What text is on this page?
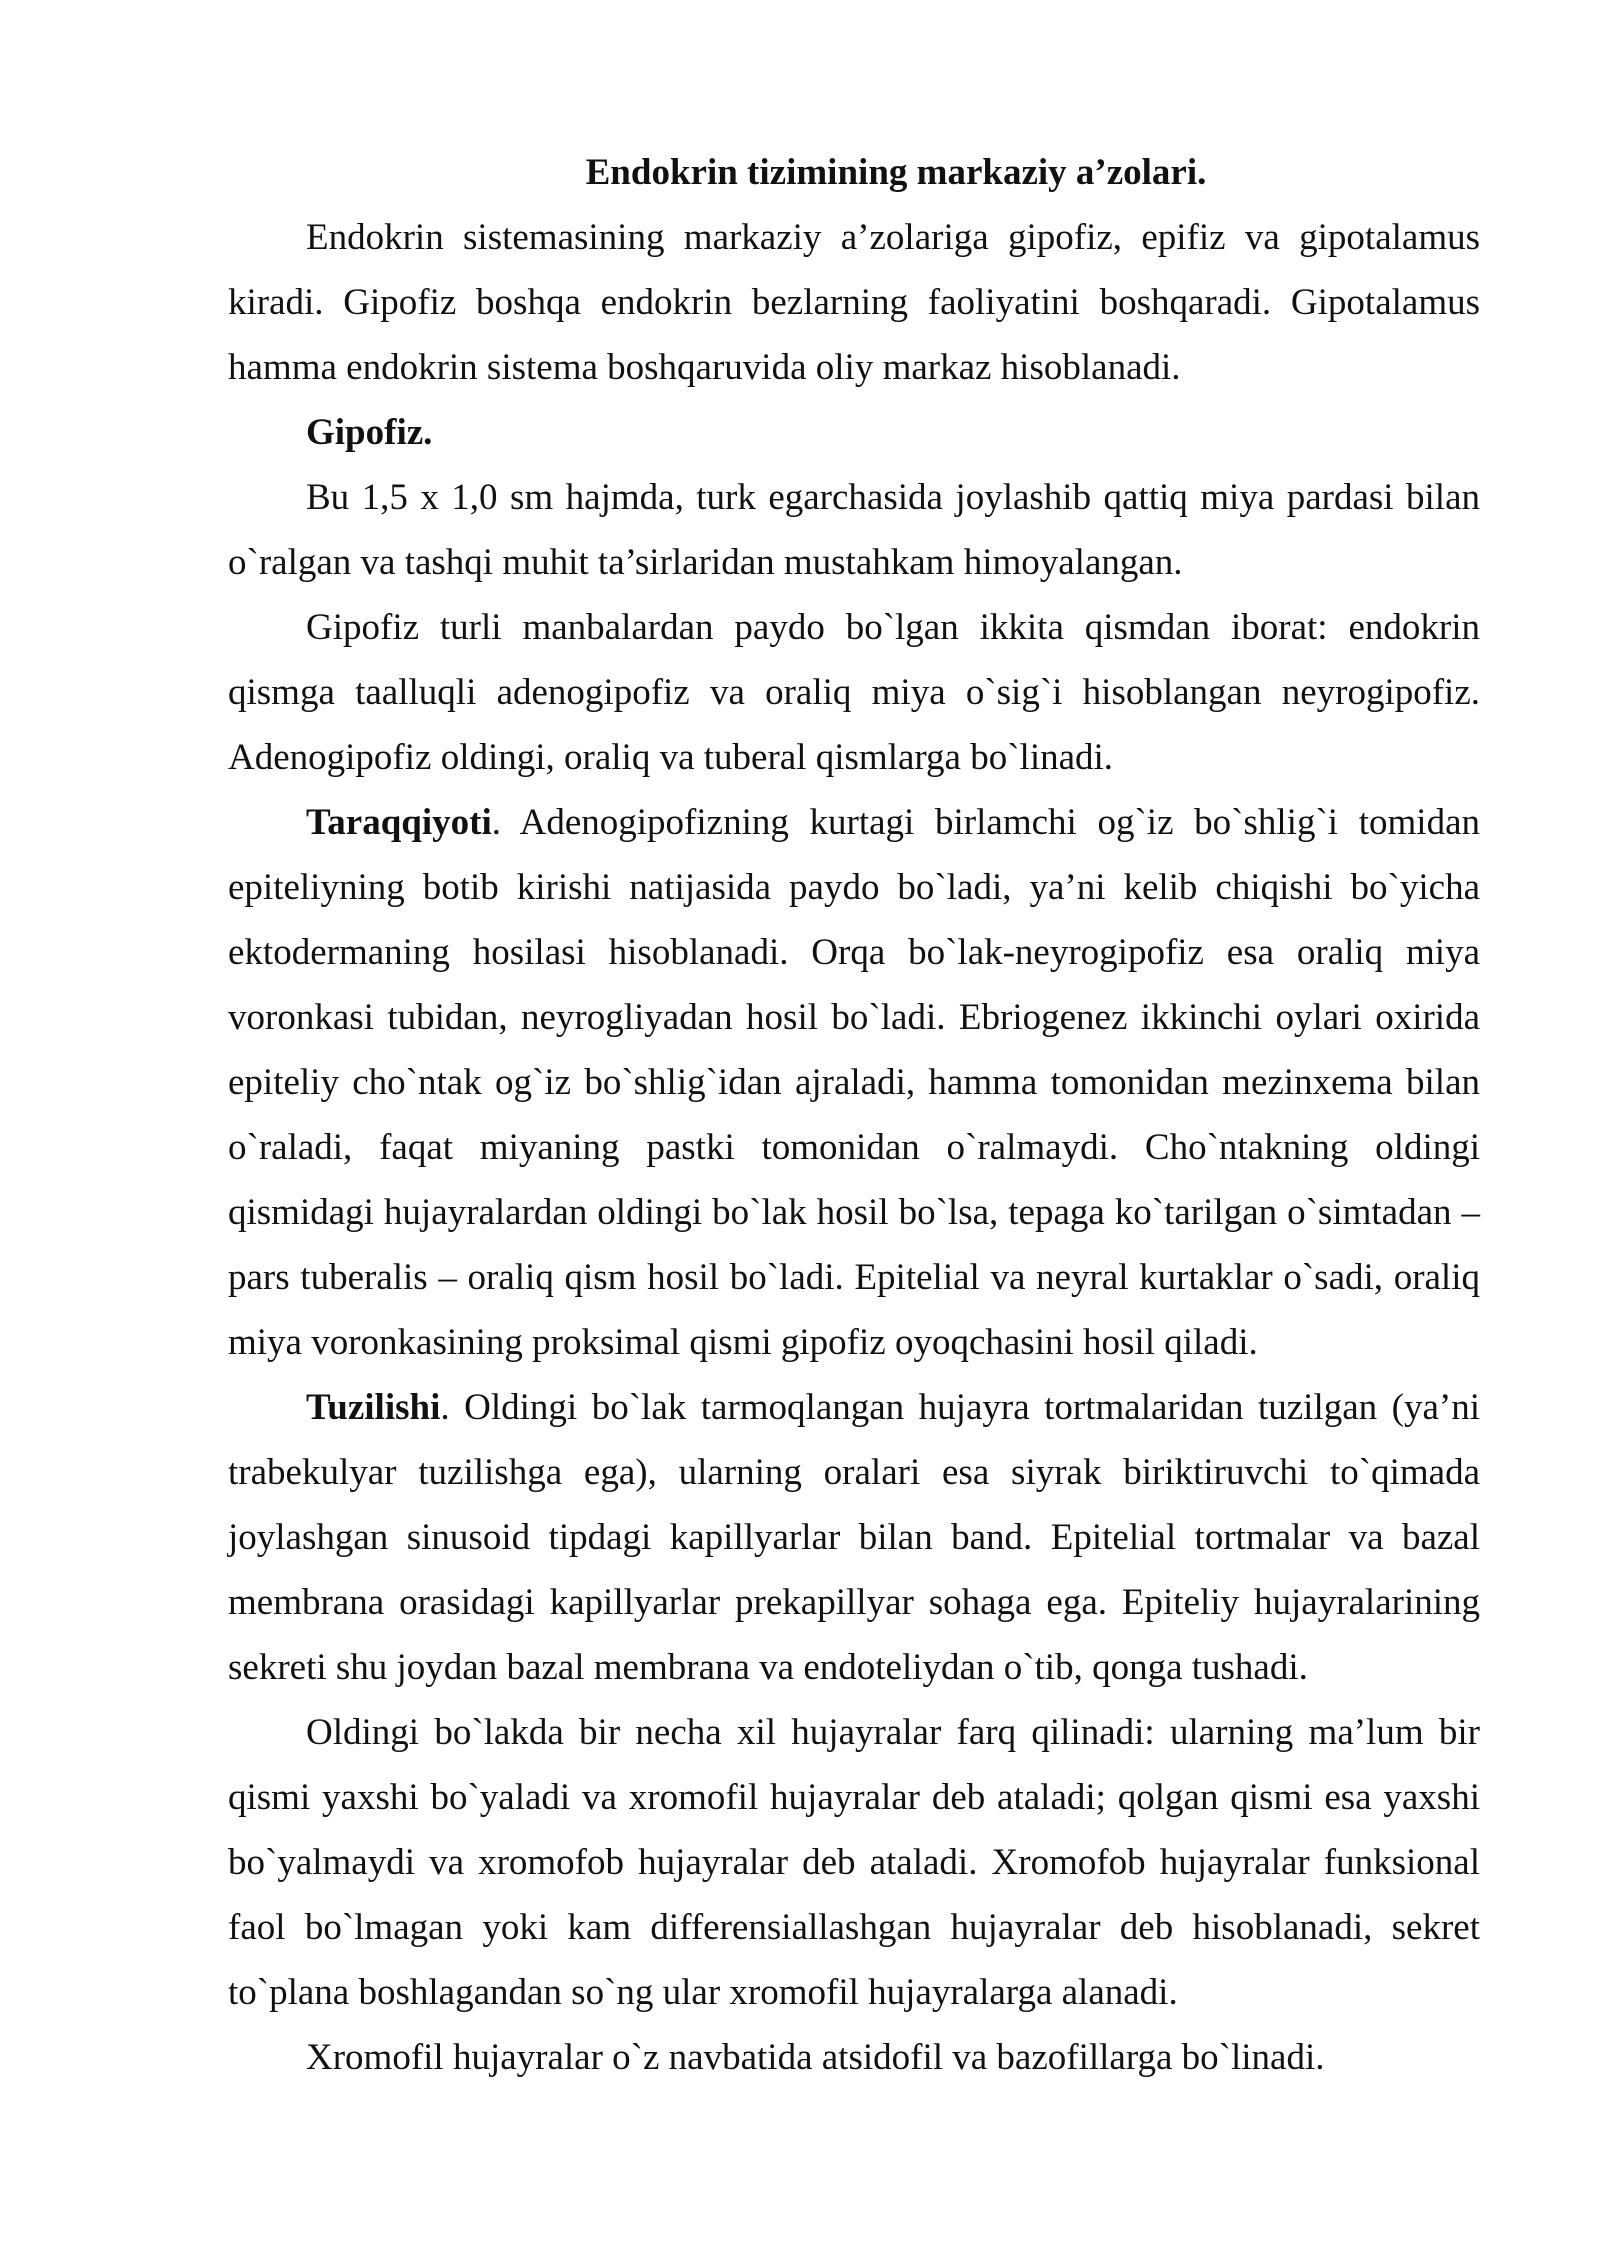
Endokrin tizimining markaziy a’zolari.

Endokrin sistemasining markaziy a’zolariga gipofiz, epifiz va gipotalamus kiradi. Gipofiz boshqa endokrin bezlarning faoliyatini boshqaradi. Gipotalamus hamma endokrin sistema boshqaruvida oliy markaz hisoblanadi.

Gipofiz.

Bu 1,5 x 1,0 sm hajmda, turk egarchasida joylashib qattiq miya pardasi bilan o`ralgan va tashqi muhit ta’sirlaridan mustahkam himoyalangan.

Gipofiz turli manbalardan paydo bo`lgan ikkita qismdan iborat: endokrin qismga taalluqli adenogipofiz va oraliq miya o`sig`i hisoblangan neyrogipofiz. Adenogipofiz oldingi, oraliq va tuberal qismlarga bo`linadi.

Taraqqiyoti. Adenogipofizning kurtagi birlamchi og`iz bo`shlig`i tomidan epiteliyning botib kirishi natijasida paydo bo`ladi, ya’ni kelib chiqishi bo`yicha ektodermaning hosilasi hisoblanadi. Orqa bo`lak-neyrogipofiz esa oraliq miya voronkasi tubidan, neyrogliyadan hosil bo`ladi. Ebriogenez ikkinchi oylari oxirida epiteliy cho`ntak og`iz bo`shlig`idan ajraladi, hamma tomonidan mezinxema bilan o`raladi, faqat miyaning pastki tomonidan o`ralmaydi. Cho`ntakning oldingi qismidagi hujayralardan oldingi bo`lak hosil bo`lsa, tepaga ko`tarilgan o`simtadan – pars tuberalis – oraliq qism hosil bo`ladi. Epitelial va neyral kurtaklar o`sadi, oraliq miya voronkasining proksimal qismi gipofiz oyoqchasini hosil qiladi.

Tuzilishi. Oldingi bo`lak tarmoqlangan hujayra tortmalaridan tuzilgan (ya’ni trabekulyar tuzilishga ega), ularning oralari esa siyrak biriktiruvchi to`qimada joylashgan sinusoid tipdagi kapillyarlar bilan band. Epitelial tortmalar va bazal membrana orasidagi kapillyarlar prekapillyar sohaga ega. Epiteliy hujayralarining sekreti shu joydan bazal membrana va endoteliydan o`tib, qonga tushadi.

Oldingi bo`lakda bir necha xil hujayralar farq qilinadi: ularning ma’lum bir qismi yaxshi bo`yaladi va xromofil hujayralar deb ataladi; qolgan qismi esa yaxshi bo`yalmaydi va xromofob hujayralar deb ataladi. Xromofob hujayralar funksional faol bo`lmagan yoki kam differensiallashgan hujayralar deb hisoblanadi, sekret to`plana boshlagandan so`ng ular xromofil hujayralarga alanadi.

Xromofil hujayralar o`z navbatida atsidofil va bazofillarga bo`linadi.
